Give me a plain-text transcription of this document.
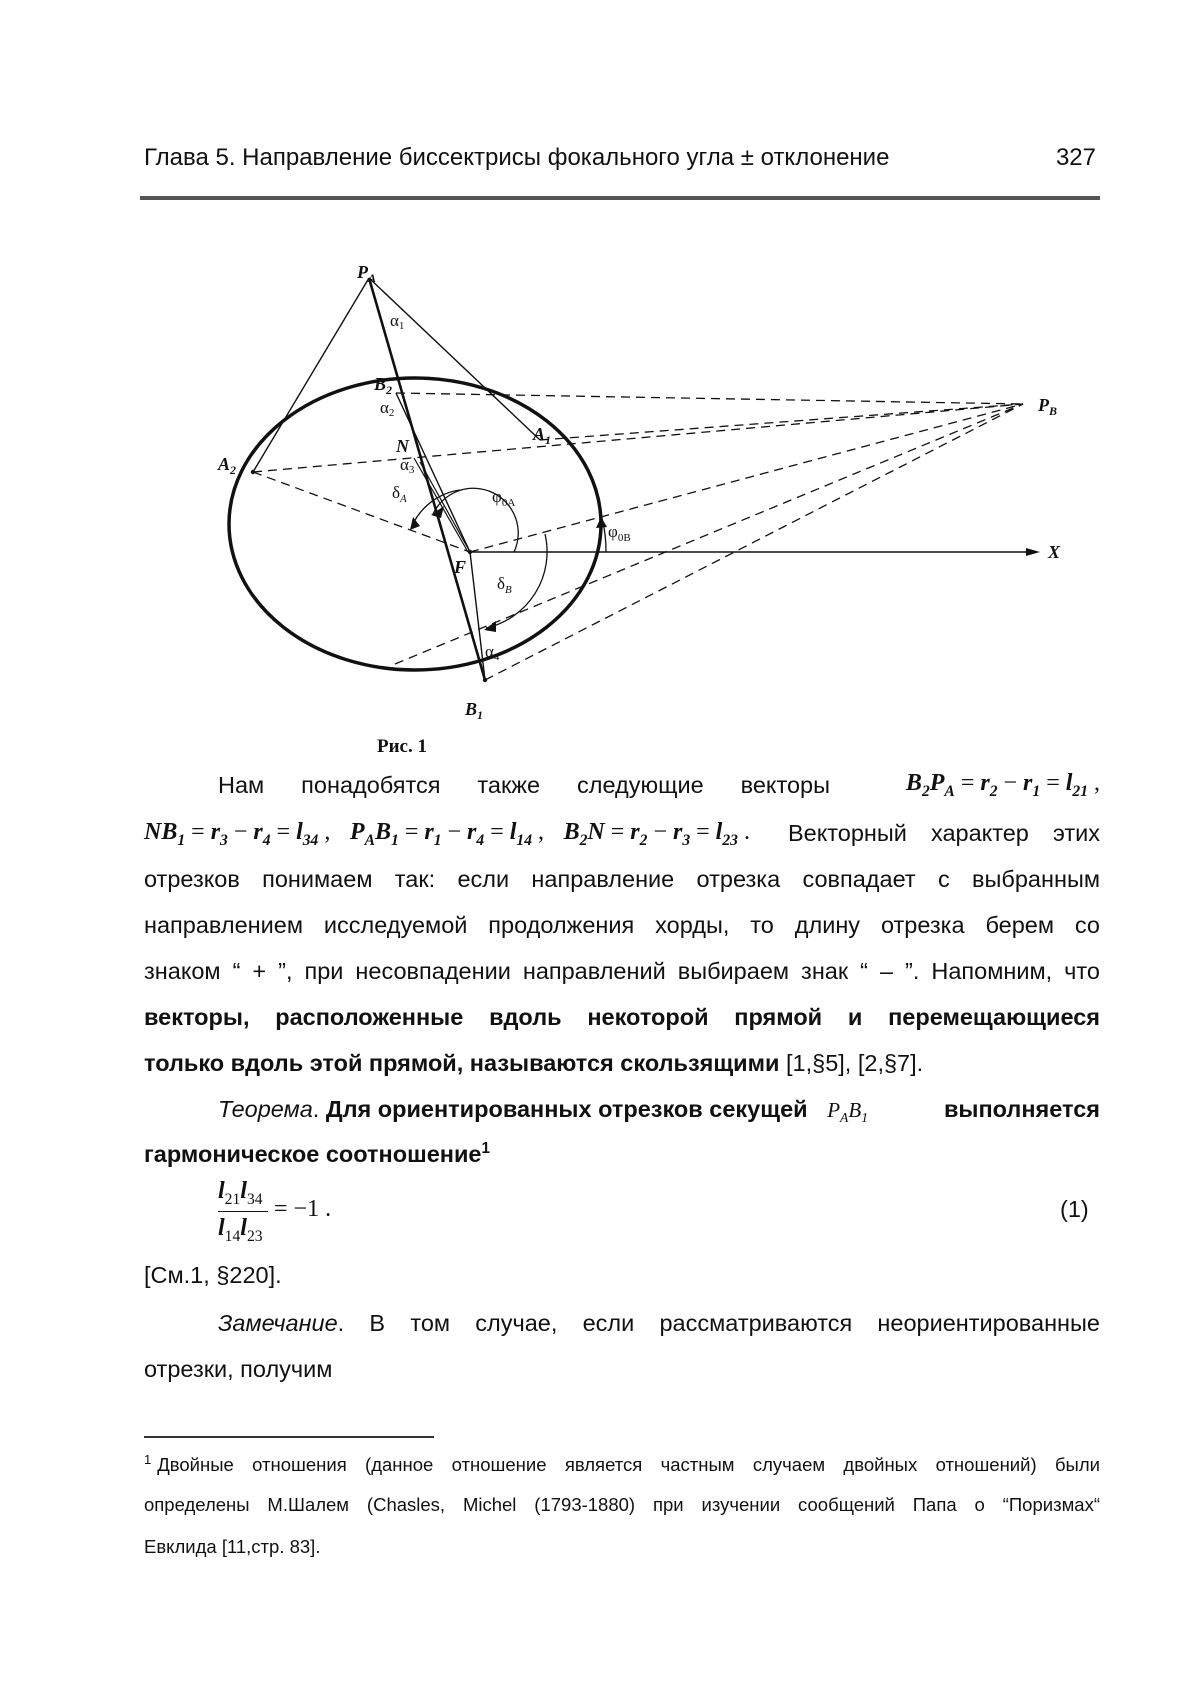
Глава 5. Направление биссектрисы фокального угла ± отклонение	327
$P_A$
$B_2$
$A_1$
$A_2$
$P_B$
N
F
X
$B_1$
α1
α2
α3
$\delta_A$	$\varphi_{0A}$
$\varphi_{0B}$
$\delta_B$
α4
Рис. 1
Нам понадобятся также следующие векторы	$B_2P_A = r_2 - r_1 = l_{21}$ ,
$NB_1 = r_3 - r_4 = l_{34}$ , $P_AB_1 = r_1 - r_4 = l_{14}$ , $B_2N = r_2 - r_3 = l_{23}$ . Векторный характер этих
отрезков понимаем так: если направление отрезка совпадает с выбранным
направлением исследуемой продолжения хорды, то длину отрезка берем со
знаком “ + ”, при несовпадении направлений выбираем знак “ – ”. Напомним, что
векторы, расположенные вдоль некоторой прямой и перемещающиеся
только вдоль этой прямой, называются скользящими [1,§5], [2,§7].
Теорема. Для ориентированных отрезков секущей $P_AB_1$	выполняется
гармоническое соотношение$^1$
$l_{21}l_{34}$
$l_{14}l_{23}$
= −1 .	(1)
[См.1, §220].
Замечание. В том случае, если рассматриваются неориентированные
отрезки, получим
$^1$ Двойные отношения (данное отношение является частным случаем двойных отношений) были
определены М.Шалем (Chasles, Michel (1793-1880) при изучении сообщений Папа о “Поризмах“
Евклида [11,стр. 83].
